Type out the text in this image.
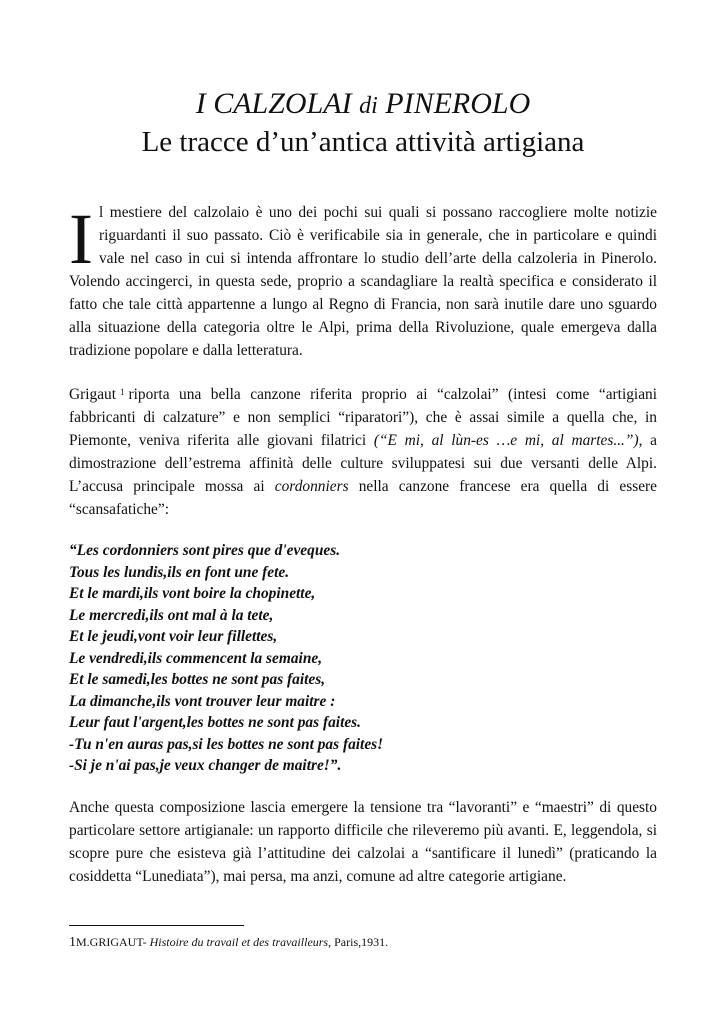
I CALZOLAI di PINEROLO
Le tracce d’un’antica attività artigiana

Il mestiere del calzolaio è uno dei pochi sui quali si possano raccogliere molte notizie riguardanti il suo passato. Ciò è verificabile sia in generale, che in particolare e quindi vale nel caso in cui si intenda affrontare lo studio dell’arte della calzoleria in Pinerolo. Volendo accingerci, in questa sede, proprio a scandagliare la realtà specifica e considerato il fatto che tale città appartenne a lungo al Regno di Francia, non sarà inutile dare uno sguardo alla situazione della categoria oltre le Alpi, prima della Rivoluzione, quale emergeva dalla tradizione popolare e dalla letteratura.

Grigaut $^1$ riporta una bella canzone riferita proprio ai “calzolai” (intesi come “artigiani fabbricanti di calzature” e non semplici “riparatori”), che è assai simile a quella che, in Piemonte, veniva riferita alle giovani filatrici (“E mi, al lùn-es …e mi, al martes...”), a dimostrazione dell’estrema affinità delle culture sviluppatesi sui due versanti delle Alpi. L’accusa principale mossa ai cordonniers nella canzone francese era quella di essere “scansafatiche”:

“Les cordonniers sont pires que d'eveques.
Tous les lundis,ils en font une fete.
Et le mardi,ils vont boire la chopinette,
Le mercredi,ils ont mal à la tete,
Et le jeudi,vont voir leur fillettes,
Le vendredi,ils commencent la semaine,
Et le samedi,les bottes ne sont pas faites,
La dimanche,ils vont trouver leur maitre :
Leur faut l'argent,les bottes ne sont pas faites.
-Tu n'en auras pas,si les bottes ne sont pas faites!
-Si je n'ai pas,je veux changer de maitre!”.

Anche questa composizione lascia emergere la tensione tra “lavoranti” e “maestri” di questo particolare settore artigianale: un rapporto difficile che rileveremo più avanti. E, leggendola, si scopre pure che esisteva già l’attitudine dei calzolai a “santificare il lunedì” (praticando la cosiddetta “Lunediata”), mai persa, ma anzi, comune ad altre categorie artigiane.

1M.GRIGAUT- Histoire du travail et des travailleurs, Paris,1931.
